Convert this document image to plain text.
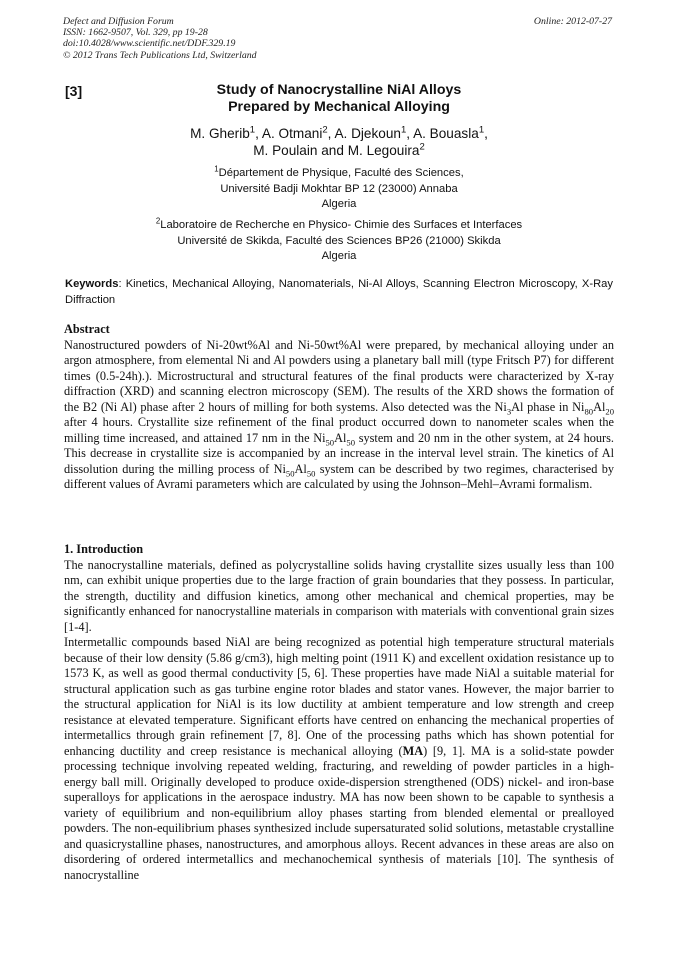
Defect and Diffusion Forum
ISSN: 1662-9507, Vol. 329, pp 19-28
doi:10.4028/www.scientific.net/DDF.329.19
© 2012 Trans Tech Publications Ltd, Switzerland
Online: 2012-07-27
[3]	Study of Nanocrystalline NiAl Alloys
Prepared by Mechanical Alloying
M. Gherib$^1$, A. Otmani$^2$, A. Djekoun$^1$, A. Bouasla$^1$,
M. Poulain and M. Legouira$^2$
$^1$Département de Physique, Faculté des Sciences,
Université Badji Mokhtar BP 12 (23000) Annaba
Algeria
$^2$Laboratoire de Recherche en Physico- Chimie des Surfaces et Interfaces
Université de Skikda, Faculté des Sciences BP26 (21000) Skikda
Algeria
Keywords: Kinetics, Mechanical Alloying, Nanomaterials, Ni-Al Alloys, Scanning Electron Microscopy, X-Ray Diffraction
Abstract
Nanostructured powders of Ni-20wt%Al and Ni-50wt%Al were prepared, by mechanical alloying under an argon atmosphere, from elemental Ni and Al powders using a planetary ball mill (type Fritsch P7) for different times (0.5-24h).). Microstructural and structural features of the final products were characterized by X-ray diffraction (XRD) and scanning electron microscopy (SEM). The results of the XRD shows the formation of the B2 (Ni Al) phase after 2 hours of milling for both systems. Also detected was the $Ni_3Al$ phase in $Ni_{80}Al_{20}$ after 4 hours. Crystallite size refinement of the final product occurred down to nanometer scales when the milling time increased, and attained 17 nm in the $Ni_{50}Al_{50}$ system and 20 nm in the other system, at 24 hours. This decrease in crystallite size is accompanied by an increase in the interval level strain. The kinetics of Al dissolution during the milling process of $Ni_{50}Al_{50}$ system can be described by two regimes, characterised by different values of Avrami parameters which are calculated by using the Johnson–Mehl–Avrami formalism.
1. Introduction
The nanocrystalline materials, defined as polycrystalline solids having crystallite sizes usually less than 100 nm, can exhibit unique properties due to the large fraction of grain boundaries that they possess. In particular, the strength, ductility and diffusion kinetics, among other mechanical and chemical properties, may be significantly enhanced for nanocrystalline materials in comparison with materials with conventional grain sizes [1-4].
Intermetallic compounds based NiAl are being recognized as potential high temperature structural materials because of their low density (5.86 g/cm3), high melting point (1911 K) and excellent oxidation resistance up to 1573 K, as well as good thermal conductivity [5, 6]. These properties have made NiAl a suitable material for structural application such as gas turbine engine rotor blades and stator vanes. However, the major barrier to the structural application for NiAl is its low ductility at ambient temperature and low strength and creep resistance at elevated temperature. Significant efforts have centred on enhancing the mechanical properties of intermetallics through grain refinement [7, 8]. One of the processing paths which has shown potential for enhancing ductility and creep resistance is mechanical alloying (MA) [9, 1]. MA is a solid-state powder processing technique involving repeated welding, fracturing, and rewelding of powder particles in a high-energy ball mill. Originally developed to produce oxide-dispersion strengthened (ODS) nickel- and iron-base superalloys for applications in the aerospace industry. MA has now been shown to be capable to synthesis a variety of equilibrium and non-equilibrium alloy phases starting from blended elemental or prealloyed powders. The non-equilibrium phases synthesized include supersaturated solid solutions, metastable crystalline and quasicrystalline phases, nanostructures, and amorphous alloys. Recent advances in these areas are also on disordering of ordered intermetallics and mechanochemical synthesis of materials [10]. The synthesis of nanocrystalline
